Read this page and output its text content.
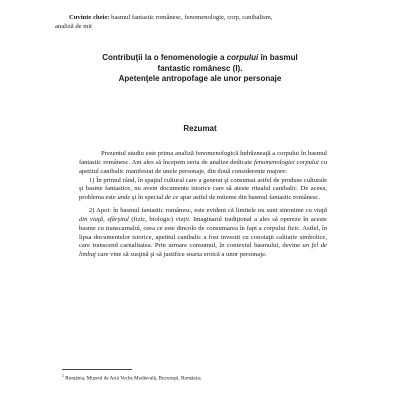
Cuvinte cheie: basmul fantastic românesc, fenomenologie, corp, canibalism,
analiză de mit
Contribuţii la o fenomenologie a corpului în basmul
fantastic românesc (I).
Apetenţele antropofage ale unor personaje
Rezumat

Prezentul studiu este prima analiză fenomenologică îndrăzneaţă a corpului în basmul fantastic românesc. Am ales să începem seria de analize dedicate fenomenologiei corpului cu apetitul canibalic manifestat de unele personaje, din două considerente majore:

1) În primul rând, în spaţiul cultural care a generat şi consumat astfel de produse culturale şi basme fantastice, nu avem documente istorice care să ateste ritualul canibalic. De aceea, problema este unde şi în special de ce apar astfel de miteme din basmul fantastic românesc.

2) Apoi: în basmul fantastic românesc, este evident că limitele nu sunt sinonime cu viaţă din viaţă, sfârşitul (fizic, biologic) vieţii. Imaginarul tradiţional a ales să opereze în aceste basme cu transcarnalul, ceea ce este dincolo de consumarea în fapt a corpului fizic. Astfel, în lipsa documentelor istorice, apetitul canibalic a fost investit cu conotaţii calitativ simbolice, care transcend carnalitatea. Prin urmare consumul, în contextul basmului, devine un fel de limbaj care vine să susţină şi să justifice soarta eroică a unor personaje.

$^1$ România, Muzeul de Artă Veche Medievală, Bucureşti, România;
